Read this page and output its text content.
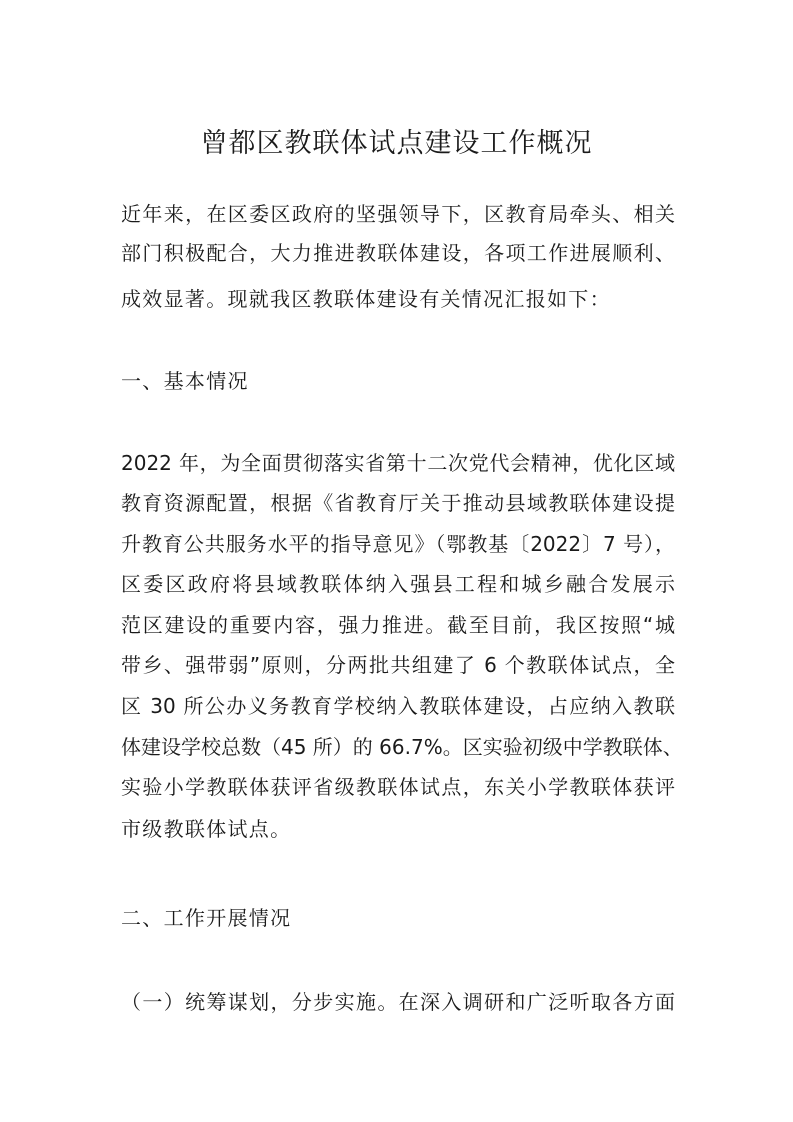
曾都区教联体试点建设工作概况

近年来，在区委区政府的坚强领导下，区教育局牵头、相关

部门积极配合，大力推进教联体建设，各项工作进展顺利、

成效显著。现就我区教联体建设有关情况汇报如下：

一、基本情况

2022 年，为全面贯彻落实省第十二次党代会精神，优化区域

教育资源配置，根据《省教育厅关于推动县域教联体建设提

升教育公共服务水平的指导意见》（鄂教基〔2022〕7 号），

区委区政府将县域教联体纳入强县工程和城乡融合发展示

范区建设的重要内容，强力推进。截至目前，我区按照“城

带乡、强带弱”原则，分两批共组建了 6 个教联体试点，全

区 30 所公办义务教育学校纳入教联体建设，占应纳入教联

体建设学校总数（45 所）的 66.7%。区实验初级中学教联体、

实验小学教联体获评省级教联体试点，东关小学教联体获评

市级教联体试点。

二、工作开展情况

（一）统筹谋划，分步实施。在深入调研和广泛听取各方面
